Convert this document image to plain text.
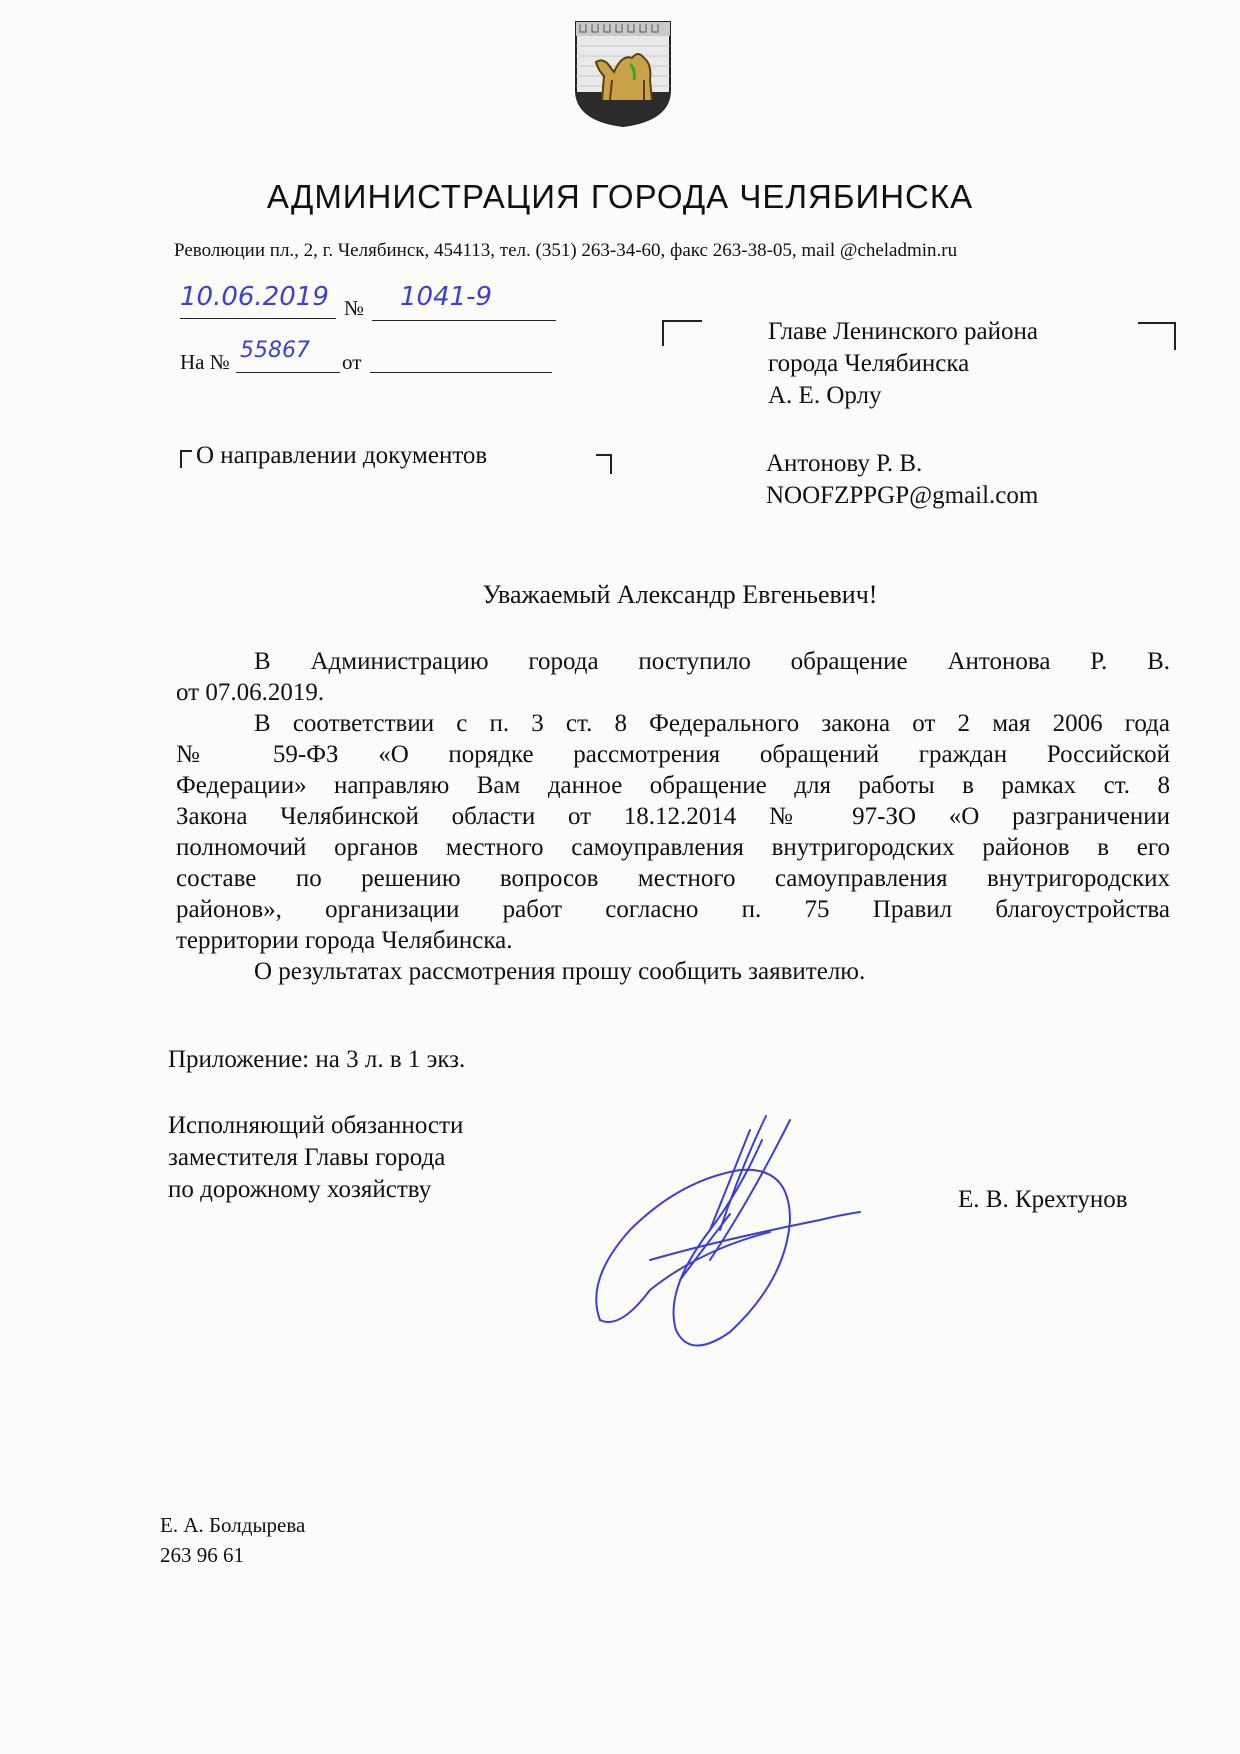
АДМИНИСТРАЦИЯ ГОРОДА ЧЕЛЯБИНСКА
Революции пл., 2, г. Челябинск, 454113, тел. (351) 263-34-60, факс 263-38-05, mail @cheladmin.ru
10.06.2019 № 1041-9
На № 55867 от
О направлении документов
Главе Ленинского района
города Челябинска
А. Е. Орлу
Антонову Р. В.
NOOFZPPGP@gmail.com
Уважаемый Александр Евгеньевич!
В Администрацию города поступило обращение Антонова Р. В.
от 07.06.2019.
В соответствии с п. 3 ст. 8 Федерального закона от 2 мая 2006 года
№ 59-ФЗ «О порядке рассмотрения обращений граждан Российской
Федерации» направляю Вам данное обращение для работы в рамках ст. 8
Закона Челябинской области от 18.12.2014 № 97-ЗО «О разграничении
полномочий органов местного самоуправления внутригородских районов в его
составе по решению вопросов местного самоуправления внутригородских
районов», организации работ согласно п. 75 Правил благоустройства
территории города Челябинска.
О результатах рассмотрения прошу сообщить заявителю.
Приложение: на 3 л. в 1 экз.
Исполняющий обязанности
заместителя Главы города
по дорожному хозяйству	Е. В. Крехтунов
Е. А. Болдырева
263 96 61
